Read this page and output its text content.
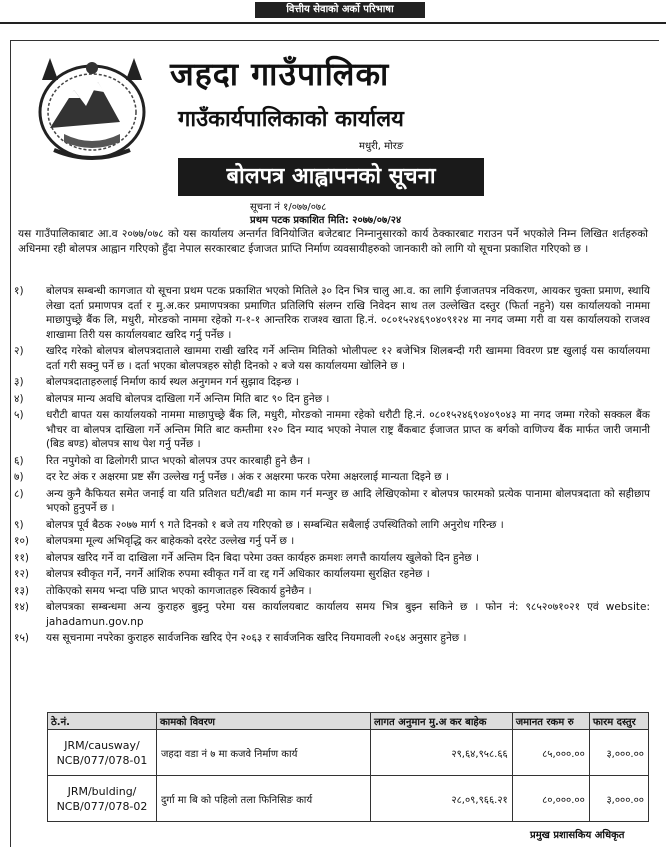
वित्तीय सेवाको अर्को परिभाषा
जहदा गाउँपालिका
गाउँकार्यपालिकाको कार्यालय
मधुरी, मोरङ
बोलपत्र आह्वापनको सूचना
सूचना नं १/०७७/०७८
प्रथम पटक प्रकाशित मिति: २०७७/०७/२४
यस गाउँपालिकाबाट आ.व २०७७/०७८ को यस कार्यालय अन्तर्गत विनियोजित बजेटबाट निम्नानुसारको कार्य ठेक्कारबाट गराउन पर्ने भएकोले निम्न लिखित शर्तहरुको अधिनमा रही बोलपत्र आह्वान गरिएको हुँदा नेपाल सरकारबाट ईजाजत प्राप्ति निर्माण व्यवसायीहरुको जानकारी को लागि यो सूचना प्रकाशित गरिएको छ ।
१)	बोलपत्र सम्बन्धी कागजात यो सूचना प्रथम पटक प्रकाशित भएको मितिले ३० दिन भित्र चालु आ.व. का लागि ईजाजतपत्र नविकरण, आयकर चुक्ता प्रमाण, स्थायि लेखा दर्ता प्रमाणपत्र दर्ता र मु.अ.कर प्रमाणपत्रका प्रमाणित प्रतिलिपि संलग्न राखि निवेदन साथ तल उल्लेखित दस्तुर (फिर्ता नहुने) यस कार्यालयको नाममा माछापुच्छ्रे बैंक लि, मधुरी, मोरङको नाममा रहेको ग-१-१ आन्तरिक राजश्व खाता हि.नं. ०८०१५२४६९०४०९१२४ मा नगद जम्मा गरी वा यस कार्यालयको राजश्व शाखामा तिरी यस कार्यालयबाट खरिद गर्नु पर्नेछ ।
२)	खरिद गरेको बोलपत्र बोलपत्रदाताले खाममा राखी खरिद गर्ने अन्तिम मितिको भोलीपल्ट १२ बजेभित्र शिलबन्दी गरी खाममा विवरण प्रष्ट खुलाई यस कार्यालयमा दर्ता गरी सक्नु पर्ने छ । दर्ता भएका बोलपत्रहरु सोही दिनको २ बजे यस कार्यालयमा खोलिने छ ।
३)	बोलपत्रदाताहरुलाई निर्माण कार्य स्थल अनुगमन गर्न सुझाव दिइन्छ ।
४)	बोलपत्र मान्य अवधि बोलपत्र दाखिला गर्ने अन्तिम मिति बाट ९० दिन हुनेछ ।
५)	धरौटी बापत यस कार्यालयको नाममा माछापुच्छ्रे बैंक लि, मधुरी, मोरङको नाममा रहेको धरौटी हि.नं. ०८०१५२४६९०४०९०४३ मा नगद जम्मा गरेको सक्कल बैंक भौचर वा बोलपत्र दाखिला गर्ने अन्तिम मिति बाट कम्तीमा १२० दिन म्याद भएको नेपाल राष्ट्र बैंकबाट ईजाजत प्राप्त क बर्गको वाणिज्य बैंक मार्फत जारी जमानी (बिड बण्ड) बोलपत्र साथ पेश गर्नु पर्नेछ ।
६)	रित नपुगेको वा ढिलोगरी प्राप्त भएको बोलपत्र उपर कारबाही हुने छैन ।
७)	दर रेट अंक र अक्षरमा प्रष्ट सँग उल्लेख गर्नु पर्नेछ । अंक र अक्षरमा फरक परेमा अक्षरलाई मान्यता दिइने छ ।
८)	अन्य कुनै कैफियत समेत जनाई वा यति प्रतिशत घटी/बढी मा काम गर्न मन्जुर छ आदि लेखिएकोमा र बोलपत्र फारमको प्रत्येक पानामा बोलपत्रदाता को सहीछाप भएको हुनुपर्ने छ ।
९)	बोलपत्र पूर्व बैठक २०७७ मार्ग ९ गते दिनको १ बजे तय गरिएको छ । सम्बन्धित सबैलाई उपस्थितिको लागि अनुरोध गरिन्छ ।
१०)	बोलपत्रमा मूल्य अभिवृद्धि कर बाहेकको दररेट उल्लेख गर्नु पर्ने छ ।
११)	बोलपत्र खरिद गर्ने वा दाखिला गर्ने अन्तिम दिन बिदा परेमा उक्त कार्यहरु क्रमशः लगत्तै कार्यालय खुलेको दिन हुनेछ ।
१२)	बोलपत्र स्वीकृत गर्ने, नगर्ने आंशिक रुपमा स्वीकृत गर्ने वा रद्द गर्ने अधिकार कार्यालयमा सुरक्षित रहनेछ ।
१३)	तोकिएको समय भन्दा पछि प्राप्त भएको कागजातहरु स्विकार्य हुनेछैन ।
१४)	बोलपत्रका सम्बन्धमा अन्य कुराहरु बुझ्नु परेमा यस कार्यालयबाट कार्यालय समय भित्र बुझ्न सकिने छ । फोन नं: ९८५२०७१०२१ एवं website: jahadamun.gov.np
१५)	यस सूचनामा नपरेका कुराहरु सार्वजनिक खरिद ऐन २०६३ र सार्वजनिक खरिद नियमावली २०६४ अनुसार हुनेछ ।
ठे.नं.	कामको विवरण	लागत अनुमान मु.अ कर बाहेक	जमानत रकम रु	फारम दस्तुर
JRM/causway/ NCB/077/078-01	जहदा वडा नं ७ मा कजवे निर्माण कार्य	२९,६४,९५८.६६	८५,०००.००	३,०००.००
JRM/bulding/ NCB/077/078-02	दुर्गा मा बि को पहिलो तला फिनिसिङ कार्य	२८,०९,९६६.२१	८०,०००.००	३,०००.००
प्रमुख प्रशासकिय अधिकृत
